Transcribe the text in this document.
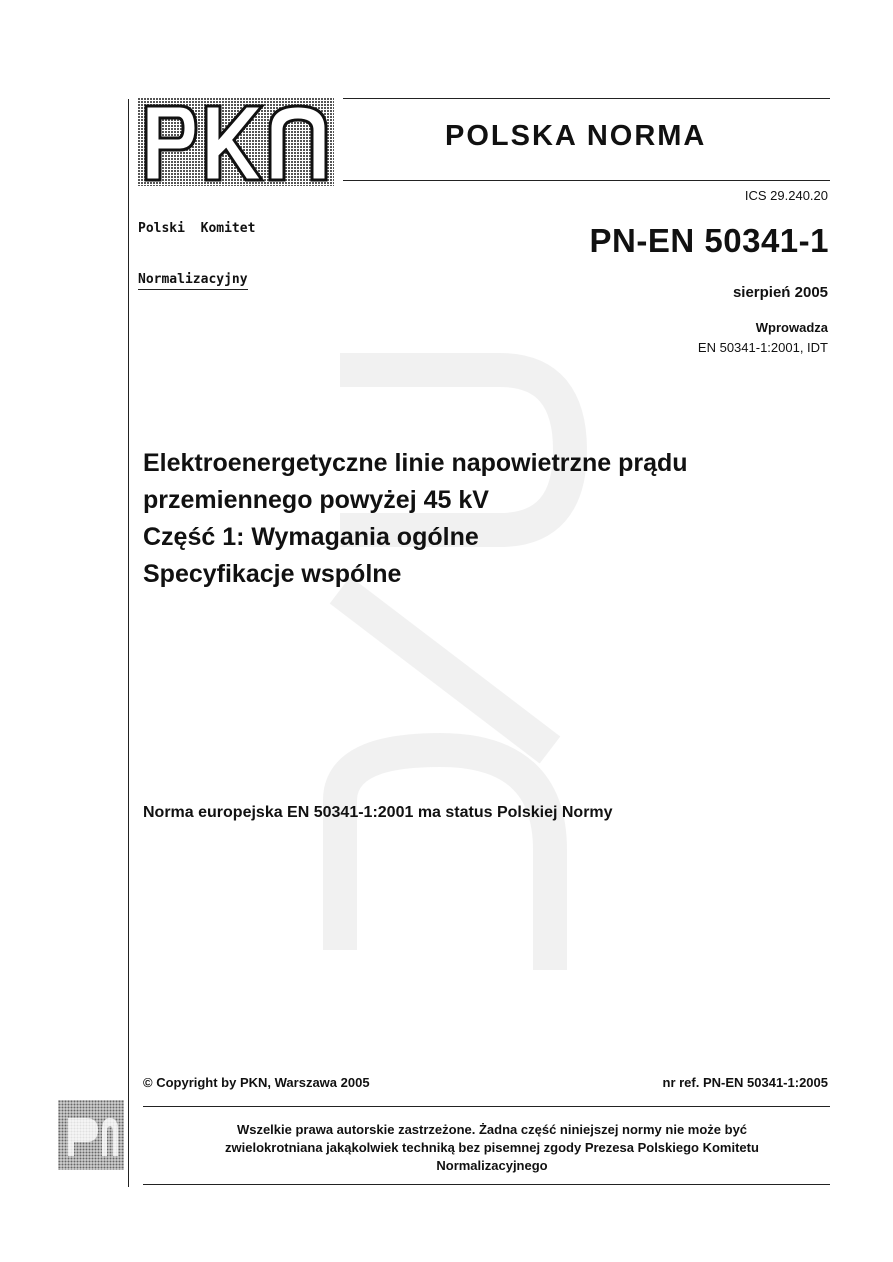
Polski  Komitet

Normalizacyjny

POLSKA NORMA
ICS 29.240.20
PN-EN 50341-1
sierpień 2005
Wprowadza
EN 50341-1:2001, IDT
Elektroenergetyczne linie napowietrzne prądu
przemiennego powyżej 45 kV
Część 1: Wymagania ogólne
Specyfikacje wspólne
Norma europejska EN 50341-1:2001 ma status Polskiej Normy
© Copyright by PKN, Warszawa 2005	nr ref. PN-EN 50341-1:2005
Wszelkie prawa autorskie zastrzeżone. Żadna część niniejszej normy nie może być
zwielokrotniana jakąkolwiek techniką bez pisemnej zgody Prezesa Polskiego Komitetu
Normalizacyjnego
